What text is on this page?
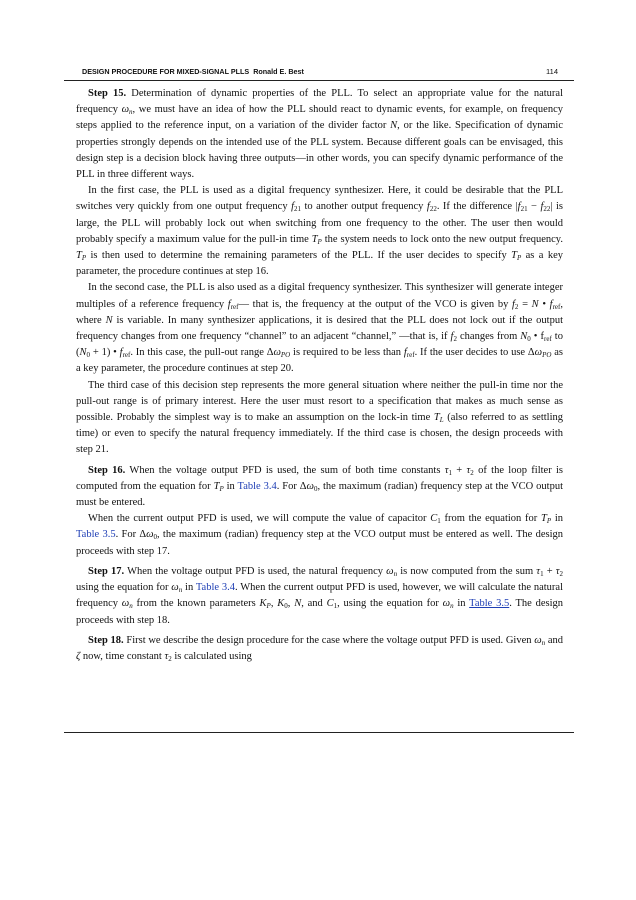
DESIGN PROCEDURE FOR MIXED-SIGNAL PLLS Ronald E. Best	114

Step 15. Determination of dynamic properties of the PLL. To select an appropriate value for the natural frequency $\omega_n$, we must have an idea of how the PLL should react to dynamic events, for example, on frequency steps applied to the reference input, on a variation of the divider factor N, or the like. Specification of dynamic properties strongly depends on the intended use of the PLL system. Because different goals can be envisaged, this design step is a decision block having three outputs—in other words, you can specify dynamic performance of the PLL in three different ways.

In the first case, the PLL is used as a digital frequency synthesizer. Here, it could be desirable that the PLL switches very quickly from one output frequency $f_{21}$ to another output frequency $f_{22}$. If the difference $|f_{21} - f_{22}|$ is large, the PLL will probably lock out when switching from one frequency to the other. The user then would probably specify a maximum value for the pull-in time $T_P$ the system needs to lock onto the new output frequency. $T_P$ is then used to determine the remaining parameters of the PLL. If the user decides to specify $T_P$ as a key parameter, the procedure continues at step 16.

In the second case, the PLL is also used as a digital frequency synthesizer. This synthesizer will generate integer multiples of a reference frequency $f_{ref}—$ that is, the frequency at the output of the VCO is given by $f_2 = N$ • $f_{ref}$, where N is variable. In many synthesizer applications, it is desired that the PLL does not lock out if the output frequency changes from one frequency “channel” to an adjacent “channel,” —that is, if $f_2$ changes from $N_0$ • $f_{ref}$ to $(N_0 + 1)$ • $f_{ref}$. In this case, the pull-out range $\Delta\omega_{PO}$ is required to be less than $f_{ref}$. If the user decides to use $\Delta\omega_{PO}$ as a key parameter, the procedure continues at step 20.

The third case of this decision step represents the more general situation where neither the pull-in time nor the pull-out range is of primary interest. Here the user must resort to a specification that makes as much sense as possible. Probably the simplest way is to make an assumption on the lock-in time $T_L$ (also referred to as settling time) or even to specify the natural frequency immediately. If the third case is chosen, the design proceeds with step 21.

Step 16. When the voltage output PFD is used, the sum of both time constants $\tau_1 + \tau_2$ of the loop filter is computed from the equation for $T_P$ in Table 3.4. For $\Delta\omega_0$, the maximum (radian) frequency step at the VCO output must be entered.

When the current output PFD is used, we will compute the value of capacitor $C_1$ from the equation for $T_P$ in Table 3.5. For $\Delta\omega_0$, the maximum (radian) frequency step at the VCO output must be entered as well. The design proceeds with step 17.

Step 17. When the voltage output PFD is used, the natural frequency $\omega_n$ is now computed from the sum $\tau_1 + \tau_2$ using the equation for $\omega_n$ in Table 3.4. When the current output PFD is used, however, we will calculate the natural frequency $\omega_n$ from the known parameters $K_P$, $K_0$, N, and $C_1$, using the equation for $\omega_n$ in Table 3.5. The design proceeds with step 18.

Step 18. First we describe the design procedure for the case where the voltage output PFD is used. Given $\omega_n$ and ζ now, time constant $\tau_2$ is calculated using
